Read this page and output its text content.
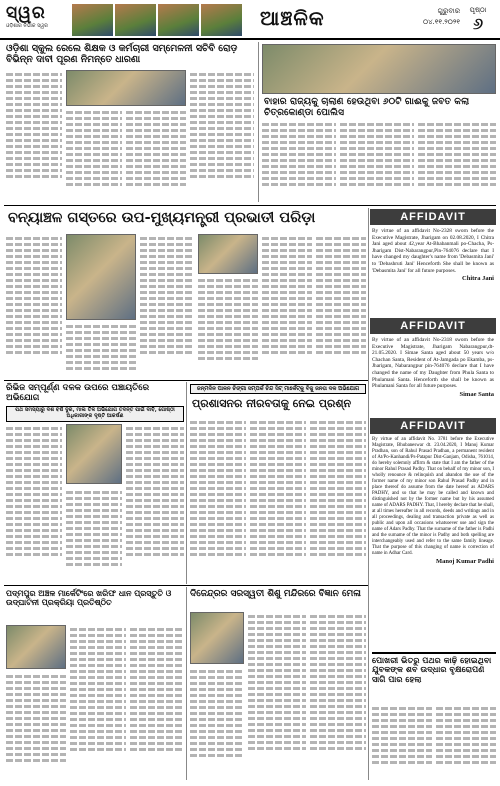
ସ୍ୱର
ଓଡ଼ିଶାର ନିର୍ଭୀକ ସ୍ୱର	ଆଞ୍ଚଳିକ	ଗୁରୁବାର
୦୪.୧୧.୨୦୨୧
ପୃଷ୍ଠା
୬
ଓଡ଼ିଶା ସ୍କୁଲ ରେଲେ ଶିକ୍ଷକ ଓ କର୍ମଚାରୀ ସମ୍ମେଳନୀ ସଚିବି ରୋଡ଼ ବିଭିନ୍ନ ଦାବୀ ପୂରଣ ନିମନ୍ତେ ଧାରଣା
ବାହାର ରାଜ୍ୟକୁ ଚାଲାଣ ହେଉଥିବା ୬୦ଟି ଗାଈକୁ ଜବତ କଲା ଚିତ୍ରକୋଣ୍ଡା ପୋଲିସ
ବନ୍ୟାଞ୍ଚଳ ଗସ୍ତରେ ଉପ-ମୁଖ୍ୟମନ୍ତ୍ରୀ ପ୍ରଭାତୀ ପରିଡ଼ା	AFFIDAVIT
By virtue of an affidavit No-2328 sworn before the Executive Magistrate, Jharigam on 02.08.2020, I Chitra Jani aged about 42,year At-Bhabanmali po-Chacha, Ps-Jharigam Dist-Nabarangpur,Pin-764076 declare that I have changed my daughter's name from 'Debasmita Jani' to 'Debashruti Jani' Henceforth She shall be known as 'Debasmita Jani' for all future purposes.
Chitra Jani
AFFIDAVIT
By virtue of an affidavit No-2318 sworn before the Executive Magistrate, Jharigam Nabarangpur,dt-21.05.2020. I Simae Santa aged about 50 years w/o Chachan Santa, Resident of At-Jamgada po Ekamba, ps-Jharigam, Nabarangpur pin-764076 declare that I have changed the name of my Daughter from Phula Santa to Phulamani Santa. Henceforth she shall be known as Phulamani Santa for all future purposes.
Simae Santa
ରିଭିଜ ସମ୍ପୂର୍ଣ୍ଣ ଦଳକ ଉପରେ ପଞ୍ଚାୟତିରେ ଅଭିଯୋଗ
ପଥ ସମସ୍ୟାରୁ ଦଶ ବର୍ଷ ଦୁର, ମାଲ ତିଳ ଅଭିଯୋଗ ତଦନ୍ତ ପାଇଁ ଦାବି, ଗୋଷ୍ଠୀ ଅଧିକାରୀଙ୍କ ଦୃଷ୍ଟି ଆକର୍ଷଣ
ଜନ୍ମଦିନ ପାଳନ ଚିଙ୍ଗୀ ସମ୍ପର୍କ ଚିନ୍ଦ ସିଟ୍ ମାର୍କେଟ୍‌କୁ ବିଜୁ ଜନତା ଦଳ ଅଭିଯୋଗ
ପ୍ରଶାସନର ନୀରବତାକୁ ନେଇ ପ୍ରଶ୍ନ
AFFIDAVIT
By virtue of an affidavit No. 3781 before the Executive Magistrate, Bhubaneswar dt. 23.04.2020, I Manoj Kumar Pradhan, son of Rahul Prasad Pradhan, a permanent resident of At/Po-Kanhandi/Ps-Patapur Dist-Ganjam, Odisha, 761014, do hereby solemnly affirm & state that I am the father of the minor Rahul Prasad Padhy. That on behalf of my minor son, I wholly renounce & relinquish and abandon the use of the former name of my minor son Rahul Prasad Padhy and in place thereof do assume from the date hereof as ADARS PADHY, and so that he may be called and known and distinguished not by the former name but by his assumed name of ADARS PADHY. That, I hereby declare that he shall, at all times hereafter in all records, deeds and writings and in all proceedings, dealing and transaction private as well as public and upon all occasions whatsoever use and sign the name of Adars Padhy. That the surname of the father is Padhi and the surname of the minor is Padhy and both spelling are interchangeably used and refer to the same family lineage. That the purpose of this changing of name is correction of name in Adhar Card.
Manoj Kumar Padhi
ପଦ୍ମପୁର ଅଞ୍ଚଳ ମାର୍କେଟିଂରେ ଖରିଫ ଧାନ ପ୍ରସ୍ତୁତି ଓ ଉଦ୍‌ଘାଟନୀ ପ୍ରକ୍ରିୟା ପ୍ରତିଷ୍ଠିତ
ଦିଜେନ୍ଦ୍ରର ସରସ୍ୱତୀ ଶିଶୁ ମନ୍ଦିରରେ ବିଜ୍ଞାନ ମେଳା
ପୋଖରୀ ଭିତରୁ ପଥର କାଢ଼ି ହୋଇଥିବା ଯୁବକଙ୍କ ଶବ ଉଦ୍ଧାର ବୃକ୍ଷରୋପଣ ସାଗି ପାର ହେଲା
